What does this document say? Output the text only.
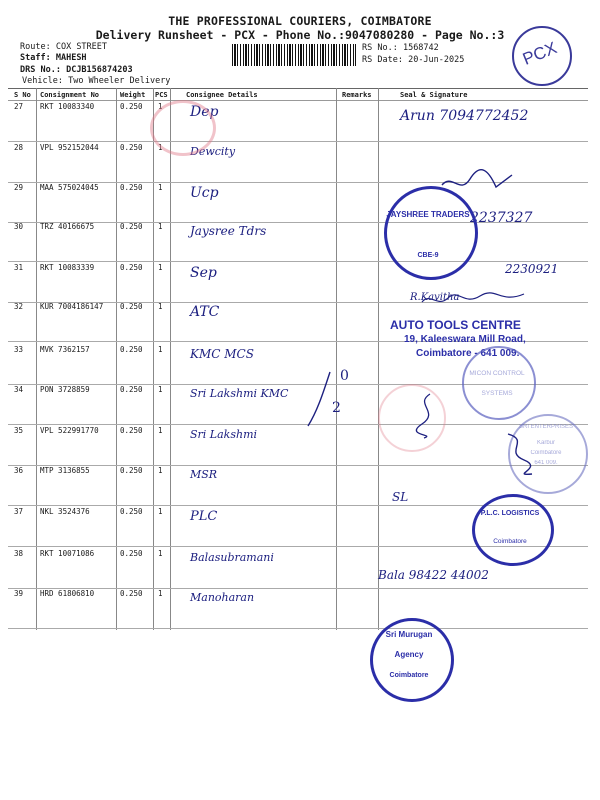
THE PROFESSIONAL COURIERS, COIMBATORE
Delivery Runsheet - PCX - Phone No.:9047080280 - Page No.:3
Route: COX STREET
Staff: MAHESH
DRS No.: DCJB156874203
Vehicle: Two Wheeler Delivery
RS No.: 1568742
RS Date: 20-Jun-2025	PCX
S No Consignment No	Weight PCS	Consignee Details	Remarks	Seal & Signature
27 RKT 10083340	0.250 1 Dep	Arun 7094772452
28 VPL 952152044	0.250 1 Dewcity
29 MAA 575024045	0.250 1 Ucp
2237327
30 TRZ 40166675	0.250 1 Jaysree Tdrs
31 RKT 10083339	0.250 1 Sep	2230921
32 KUR 7004186147 0.250 1 ATC
R.Kavitha
33 MVK 7362157	0.250 1 KMC MCS
34 PON 3728859	0.250 1 Sri Lakshmi KMC
35 VPL 522991770	0.250 1 Sri Lakshmi
36 MTP 3136855	0.250 1 MSR
SL
37 NKL 3524376	0.250 1 PLC
38 RKT 10071086	0.250 1 Balasubramani
39 HRD 61806810	0.250 1 Manoharan
Bala 98422 44002
0
2
JAYSHREE TRADERS
CBE-9
AUTO TOOLS CENTRE
19, Kaleeswara Mill Road,
Coimbatore - 641 009.
MICON CONTROL
SYSTEMS
SRI ENTERPRISES
Karbur
Coimbatore
641 009.
P.L.C. LOGISTICS
Coimbatore
Sri Murugan
Agency
Coimbatore
